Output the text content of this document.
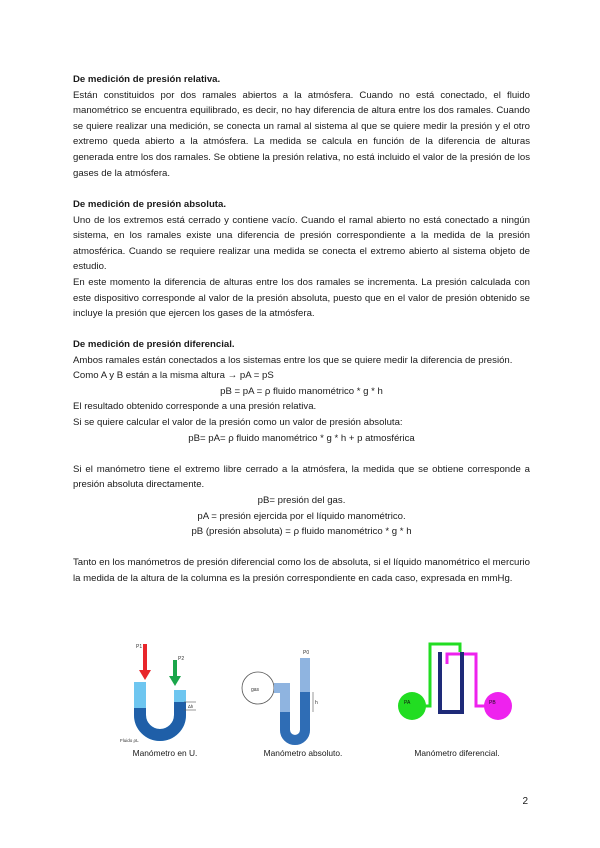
De medición de presión relativa.

Están constituidos por dos ramales abiertos a la atmósfera. Cuando no está conectado, el fluido manométrico se encuentra equilibrado, es decir, no hay diferencia de altura entre los dos ramales. Cuando se quiere realizar una medición, se conecta un ramal al sistema al que se quiere medir la presión y el otro extremo queda abierto a la atmósfera. La medida se calcula en función de la diferencia de alturas generada entre los dos ramales. Se obtiene la presión relativa, no está incluido el valor de la presión de los gases de la atmósfera.

De medición de presión absoluta.

Uno de los extremos está cerrado y contiene vacío. Cuando el ramal abierto no está conectado a ningún sistema, en los ramales existe una diferencia de presión correspondiente a la medida de la presión atmosférica. Cuando se requiere realizar una medida se conecta el extremo abierto al sistema objeto de estudio.

En este momento la diferencia de alturas entre los dos ramales se incrementa. La presión calculada con este dispositivo corresponde al valor de la presión absoluta, puesto que en el valor de presión obtenido se incluye la presión que ejercen los gases de la atmósfera.

De medición de presión diferencial.

Ambos ramales están conectados a los sistemas entre los que se quiere medir la diferencia de presión.

Como A y B están a la misma altura → pA = pS

pB = pA = ρ fluido manométrico * g * h

El resultado obtenido corresponde a una presión relativa.

Si se quiere calcular el valor de la presión como un valor de presión absoluta:

pB= pA= ρ fluido manométrico * g * h + p atmosférica

Si el manómetro tiene el extremo libre cerrado a la atmósfera, la medida que se obtiene corresponde a presión absoluta directamente.

pB= presión del gas.

pA = presión ejercida por el líquido manométrico.

pB (presión absoluta) = ρ fluido manométrico * g * h

Tanto en los manómetros de presión diferencial como los de absoluta, si el líquido manométrico el mercurio la medida de la altura de la columna es la presión correspondiente en cada caso, expresada en mmHg.

P1
P2
∆h
Fluido ρL
gas
h
P0
PA	PB
Manómetro en U.	Manómetro absoluto.	Manómetro diferencial.
2
